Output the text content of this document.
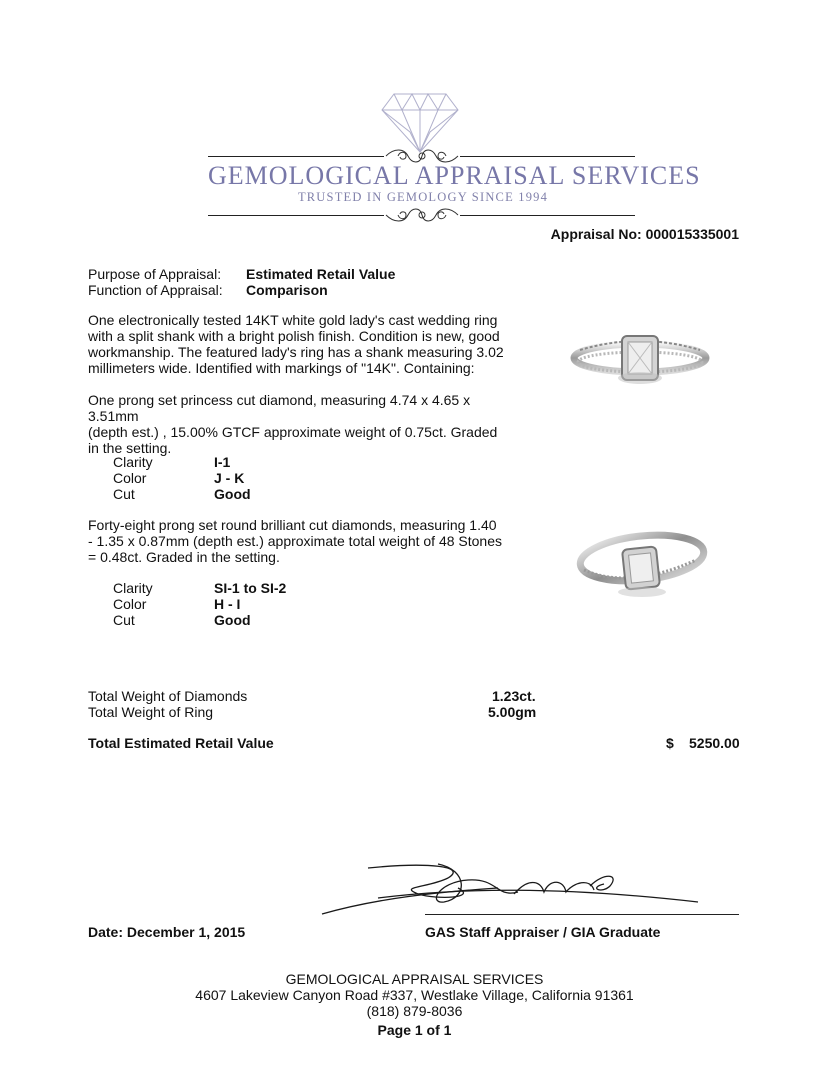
GEMOLOGICAL APPRAISAL SERVICES
TRUSTED IN GEMOLOGY SINCE 1994
Appraisal No: 000015335001
Purpose of Appraisal: Estimated Retail Value
Function of Appraisal: Comparison
One electronically tested 14KT white gold lady's cast wedding ring
with a split shank with a bright polish finish. Condition is new, good
workmanship. The featured lady's ring has a shank measuring 3.02
millimeters wide. Identified with markings of "14K". Containing:
One prong set princess cut diamond, measuring 4.74 x 4.65 x 3.51mm
(depth est.) , 15.00% GTCF approximate weight of 0.75ct. Graded
in the setting.
Clarity	I-1
Color	J - K
Cut	Good
Forty-eight prong set round brilliant cut diamonds, measuring 1.40
- 1.35 x 0.87mm (depth est.) approximate total weight of 48 Stones
= 0.48ct. Graded in the setting.
Clarity	SI-1 to SI-2
Color	H - I
Cut	Good
Total Weight of Diamonds	1.23ct.
Total Weight of Ring	5.00gm
Total Estimated Retail Value	$ 5250.00
Date: December 1, 2015	GAS Staff Appraiser / GIA Graduate
GEMOLOGICAL APPRAISAL SERVICES
4607 Lakeview Canyon Road #337, Westlake Village, California 91361
(818) 879-8036
Page 1 of 1
